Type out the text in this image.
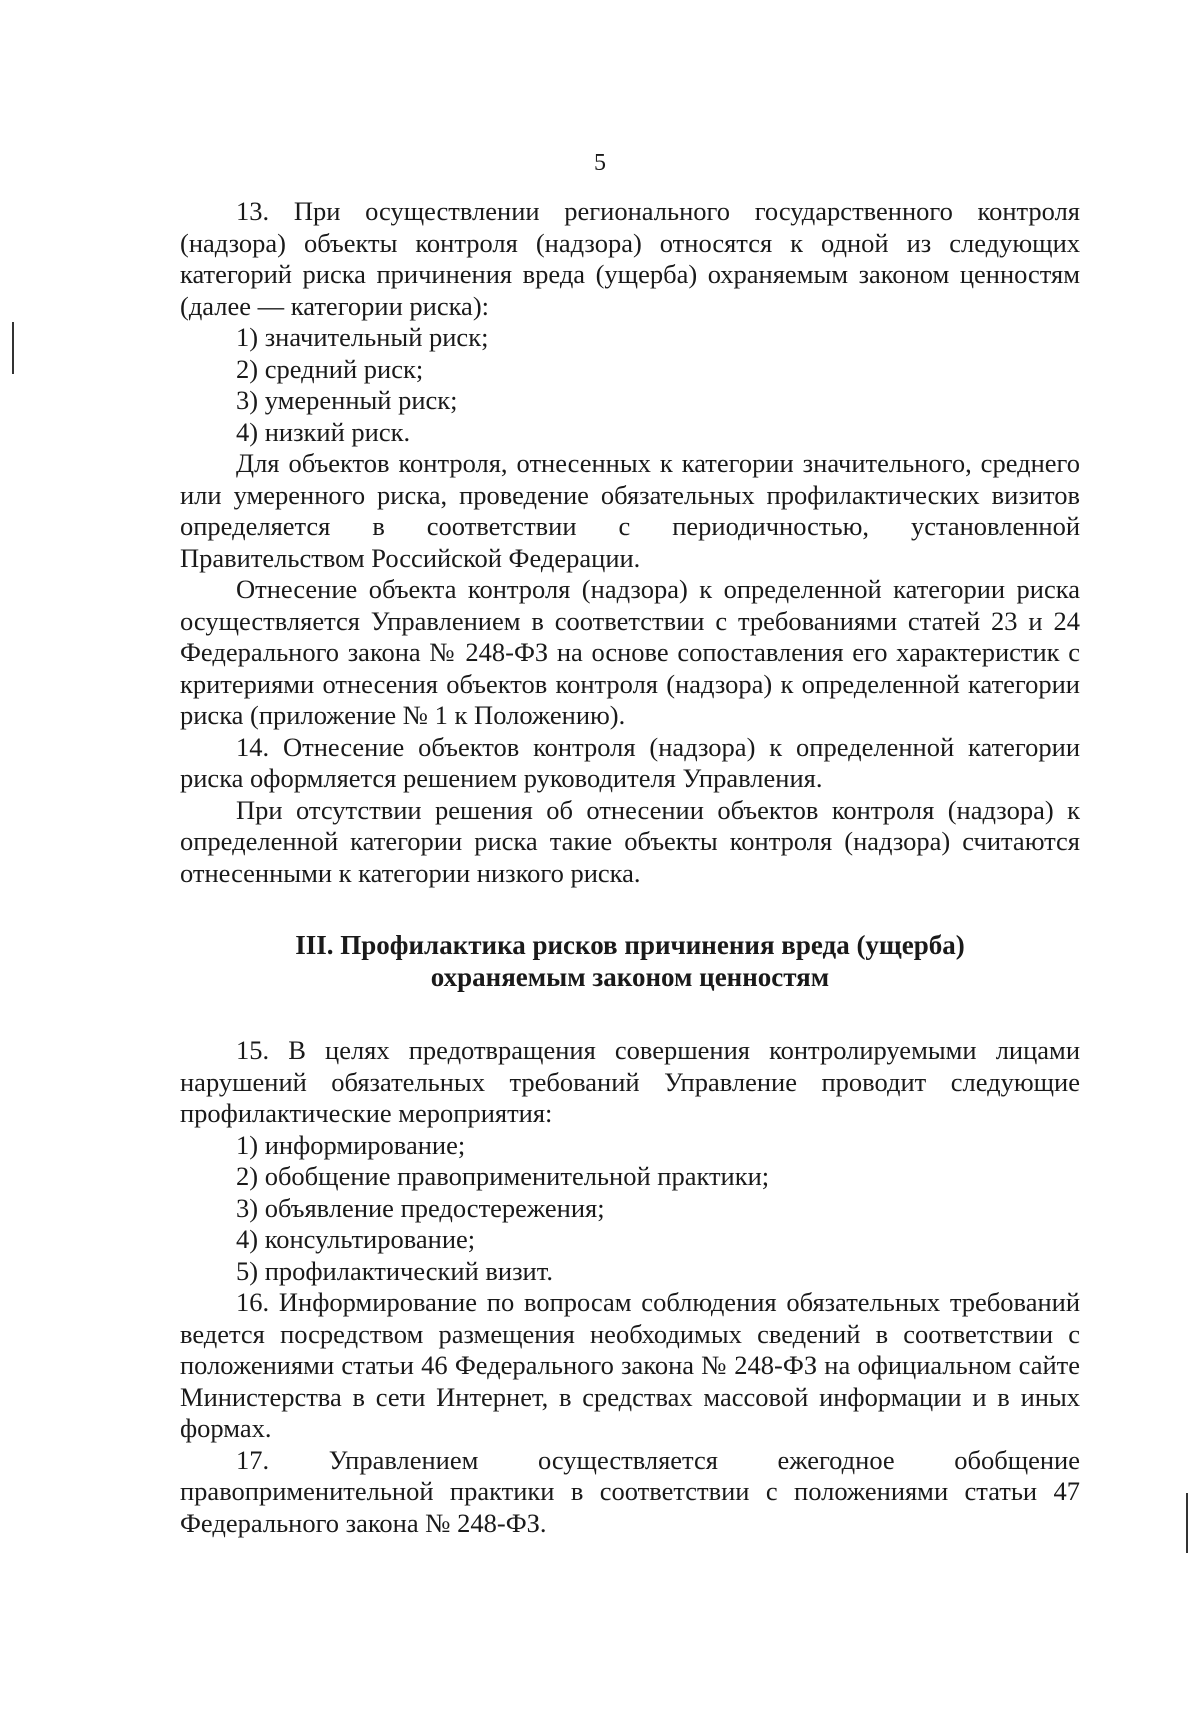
5

13. При осуществлении регионального государственного контроля (надзора) объекты контроля (надзора) относятся к одной из следующих категорий риска причинения вреда (ущерба) охраняемым законом ценностям (далее — категории риска):

1) значительный риск;
2) средний риск;
3) умеренный риск;
4) низкий риск.

Для объектов контроля, отнесенных к категории значительного, среднего или умеренного риска, проведение обязательных профилактических визитов определяется в соответствии с периодичностью, установленной Правительством Российской Федерации.

Отнесение объекта контроля (надзора) к определенной категории риска осуществляется Управлением в соответствии с требованиями статей 23 и 24 Федерального закона № 248-ФЗ на основе сопоставления его характеристик с критериями отнесения объектов контроля (надзора) к определенной категории риска (приложение № 1 к Положению).

14. Отнесение объектов контроля (надзора) к определенной категории риска оформляется решением руководителя Управления.

При отсутствии решения об отнесении объектов контроля (надзора) к определенной категории риска такие объекты контроля (надзора) считаются отнесенными к категории низкого риска.

III. Профилактика рисков причинения вреда (ущерба)
охраняемым законом ценностям

15. В целях предотвращения совершения контролируемыми лицами нарушений обязательных требований Управление проводит следующие профилактические мероприятия:

1) информирование;
2) обобщение правоприменительной практики;
3) объявление предостережения;
4) консультирование;
5) профилактический визит.

16. Информирование по вопросам соблюдения обязательных требований ведется посредством размещения необходимых сведений в соответствии с положениями статьи 46 Федерального закона № 248-ФЗ на официальном сайте Министерства в сети Интернет, в средствах массовой информации и в иных формах.

17. Управлением осуществляется ежегодное обобщение правоприменительной практики в соответствии с положениями статьи 47 Федерального закона № 248-ФЗ.
